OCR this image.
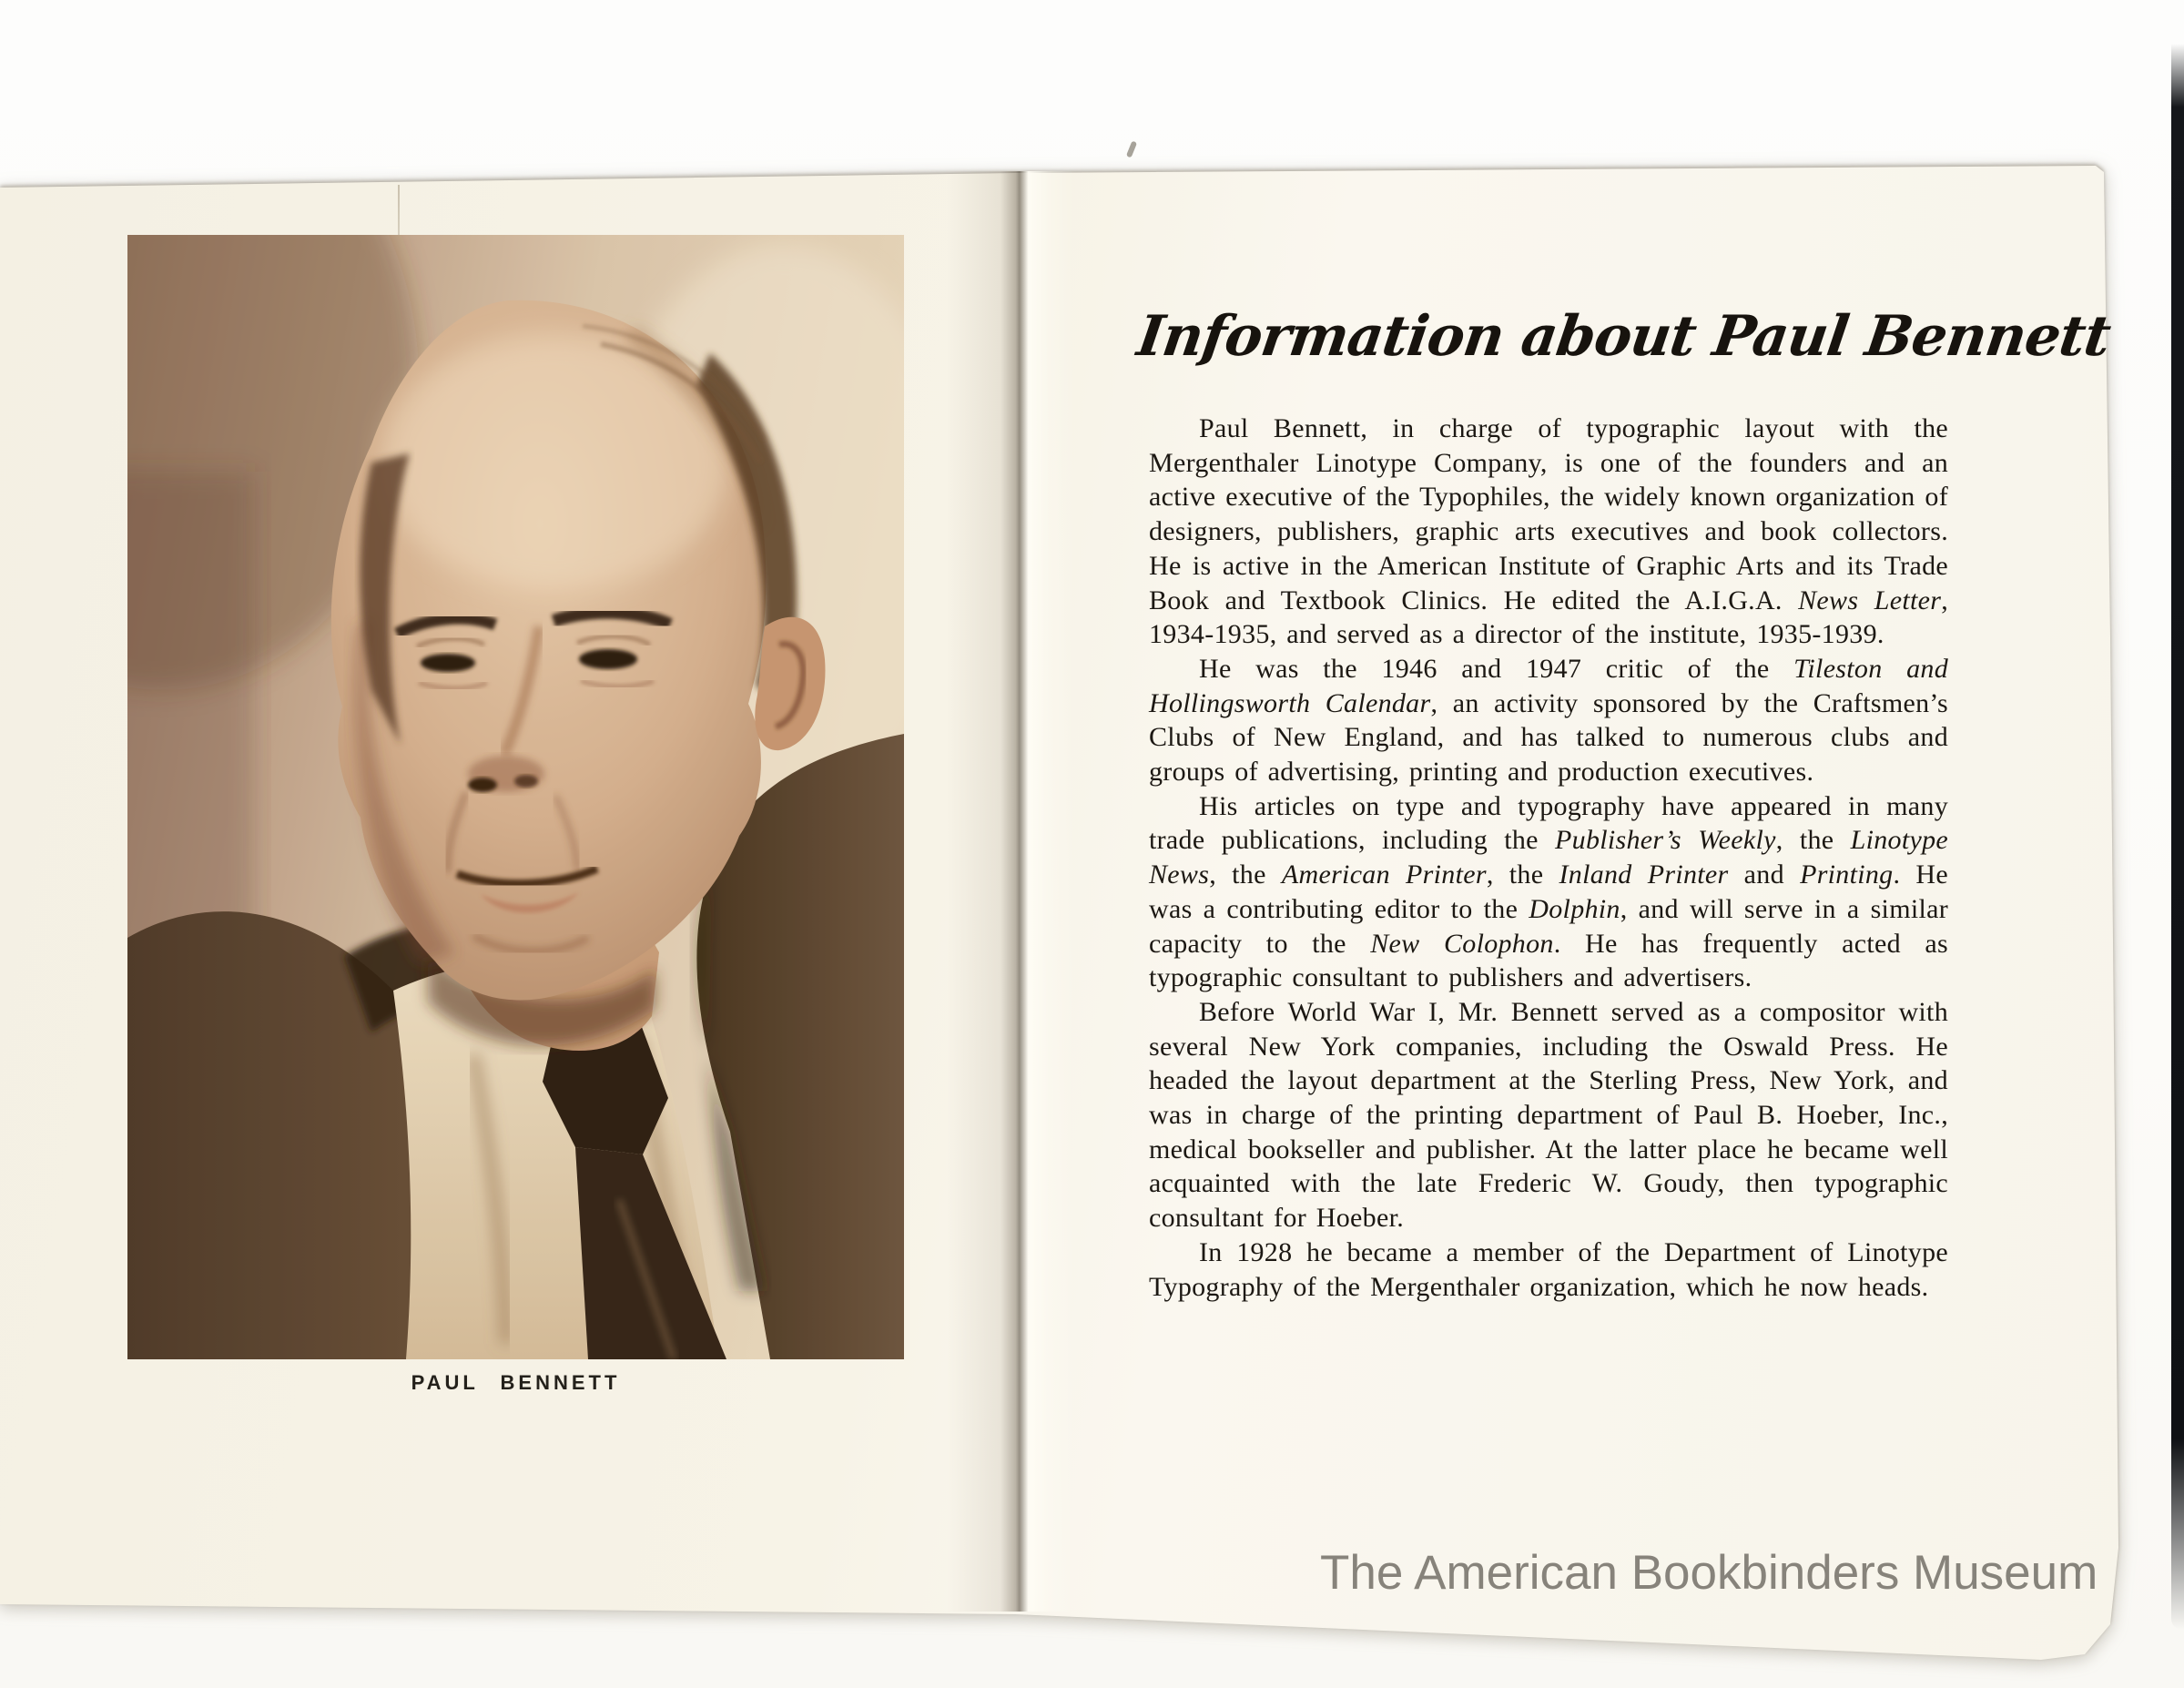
PAUL BENNETT
Information about Paul Bennett

Paul Bennett, in charge of typographic layout with the Mergenthaler Linotype Company, is one of the founders and an active executive of the Typophiles, the widely known organization of designers, publishers, graphic arts executives and book collectors. He is active in the American Institute of Graphic Arts and its Trade Book and Textbook Clinics. He edited the A.I.G.A. News Letter, 1934-1935, and served as a director of the institute, 1935-1939.

He was the 1946 and 1947 critic of the Tileston and Hollingsworth Calendar, an activity sponsored by the Craftsmen’s Clubs of New England, and has talked to numerous clubs and groups of advertising, printing and production executives.

His articles on type and typography have appeared in many trade publications, including the Publisher’s Weekly, the Linotype News, the American Printer, the Inland Printer and Printing. He was a contributing editor to the Dolphin, and will serve in a similar capacity to the New Colophon. He has frequently acted as typographic consultant to publishers and advertisers.

Before World War I, Mr. Bennett served as a compositor with several New York companies, including the Oswald Press. He headed the layout department at the Sterling Press, New York, and was in charge of the printing department of Paul B. Hoeber, Inc., medical bookseller and publisher. At the latter place he became well acquainted with the late Frederic W. Goudy, then typographic consultant for Hoeber.

In 1928 he became a member of the Department of Linotype Typography of the Mergenthaler organization, which he now heads.

The American Bookbinders Museum
